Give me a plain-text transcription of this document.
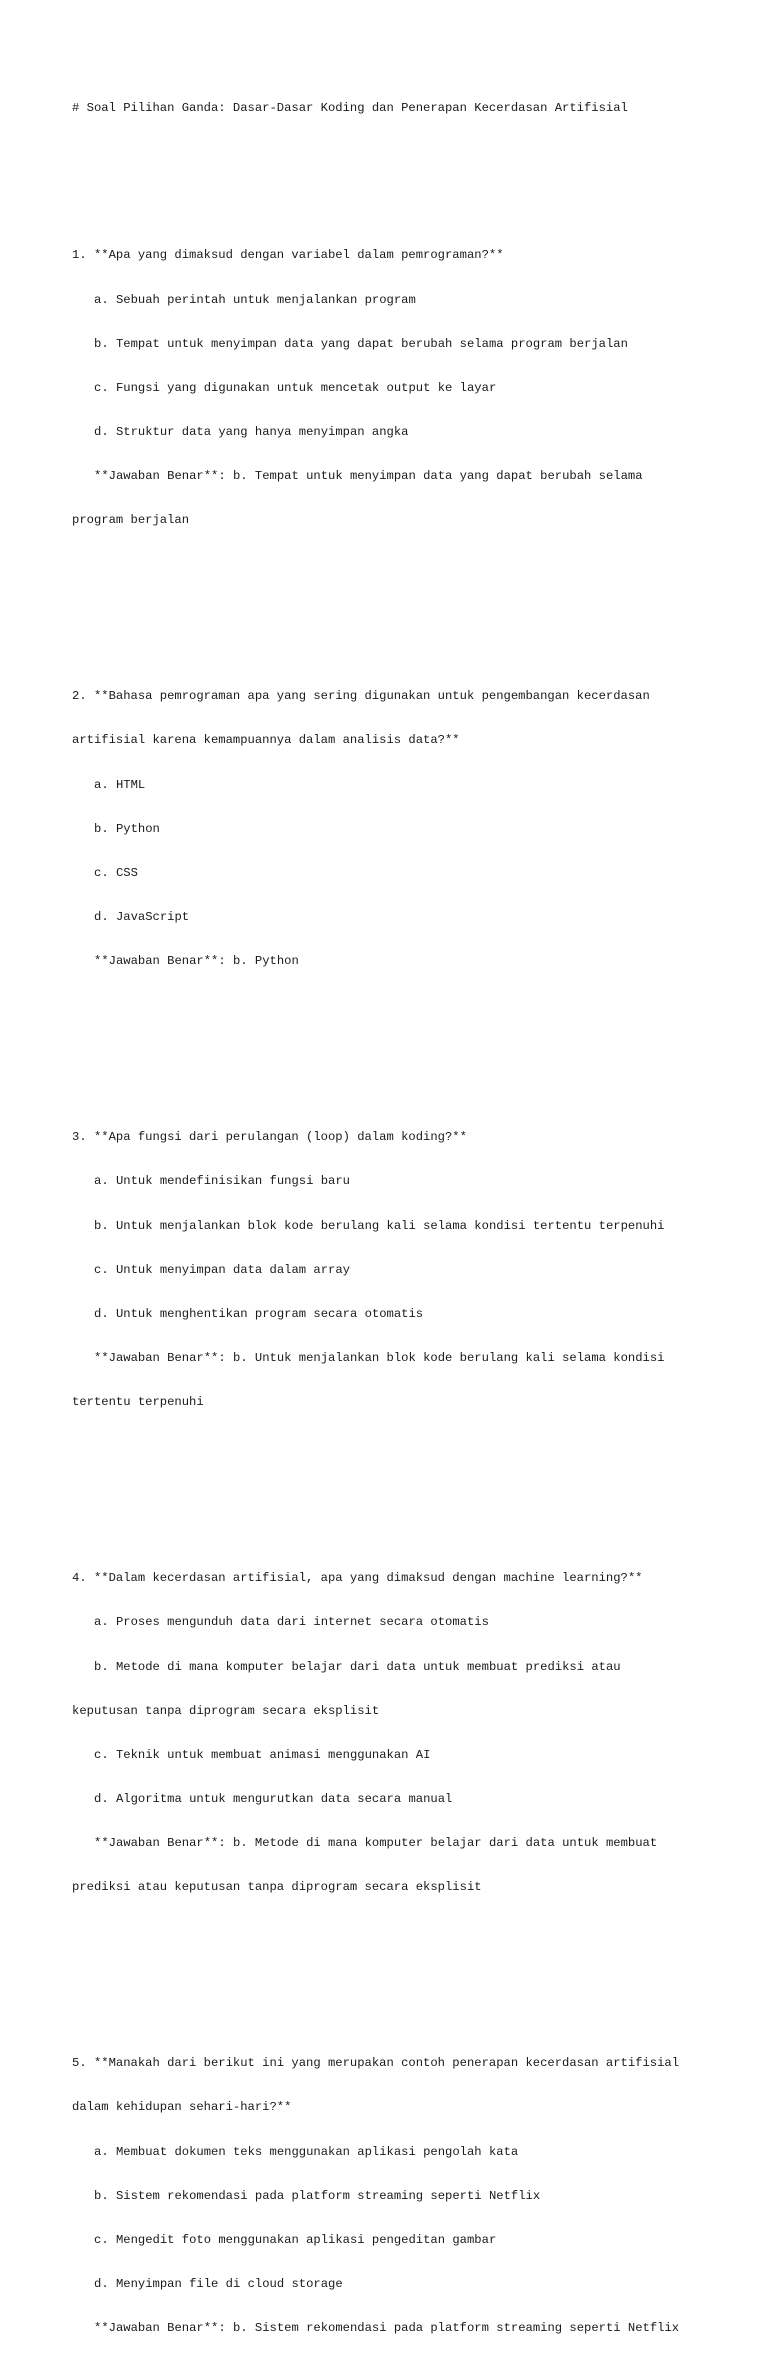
# Soal Pilihan Ganda: Dasar-Dasar Koding dan Penerapan Kecerdasan Artifisial

1. **Apa yang dimaksud dengan variabel dalam pemrograman?**

a. Sebuah perintah untuk menjalankan program

b. Tempat untuk menyimpan data yang dapat berubah selama program berjalan

c. Fungsi yang digunakan untuk mencetak output ke layar

d. Struktur data yang hanya menyimpan angka

**Jawaban Benar**: b. Tempat untuk menyimpan data yang dapat berubah selama

program berjalan

2. **Bahasa pemrograman apa yang sering digunakan untuk pengembangan kecerdasan

artifisial karena kemampuannya dalam analisis data?**

a. HTML

b. Python

c. CSS

d. JavaScript

**Jawaban Benar**: b. Python

3. **Apa fungsi dari perulangan (loop) dalam koding?**

a. Untuk mendefinisikan fungsi baru

b. Untuk menjalankan blok kode berulang kali selama kondisi tertentu terpenuhi

c. Untuk menyimpan data dalam array

d. Untuk menghentikan program secara otomatis

**Jawaban Benar**: b. Untuk menjalankan blok kode berulang kali selama kondisi

tertentu terpenuhi

4. **Dalam kecerdasan artifisial, apa yang dimaksud dengan machine learning?**

a. Proses mengunduh data dari internet secara otomatis

b. Metode di mana komputer belajar dari data untuk membuat prediksi atau

keputusan tanpa diprogram secara eksplisit

c. Teknik untuk membuat animasi menggunakan AI

d. Algoritma untuk mengurutkan data secara manual

**Jawaban Benar**: b. Metode di mana komputer belajar dari data untuk membuat

prediksi atau keputusan tanpa diprogram secara eksplisit

5. **Manakah dari berikut ini yang merupakan contoh penerapan kecerdasan artifisial

dalam kehidupan sehari-hari?**

a. Membuat dokumen teks menggunakan aplikasi pengolah kata

b. Sistem rekomendasi pada platform streaming seperti Netflix

c. Mengedit foto menggunakan aplikasi pengeditan gambar

d. Menyimpan file di cloud storage

**Jawaban Benar**: b. Sistem rekomendasi pada platform streaming seperti Netflix
